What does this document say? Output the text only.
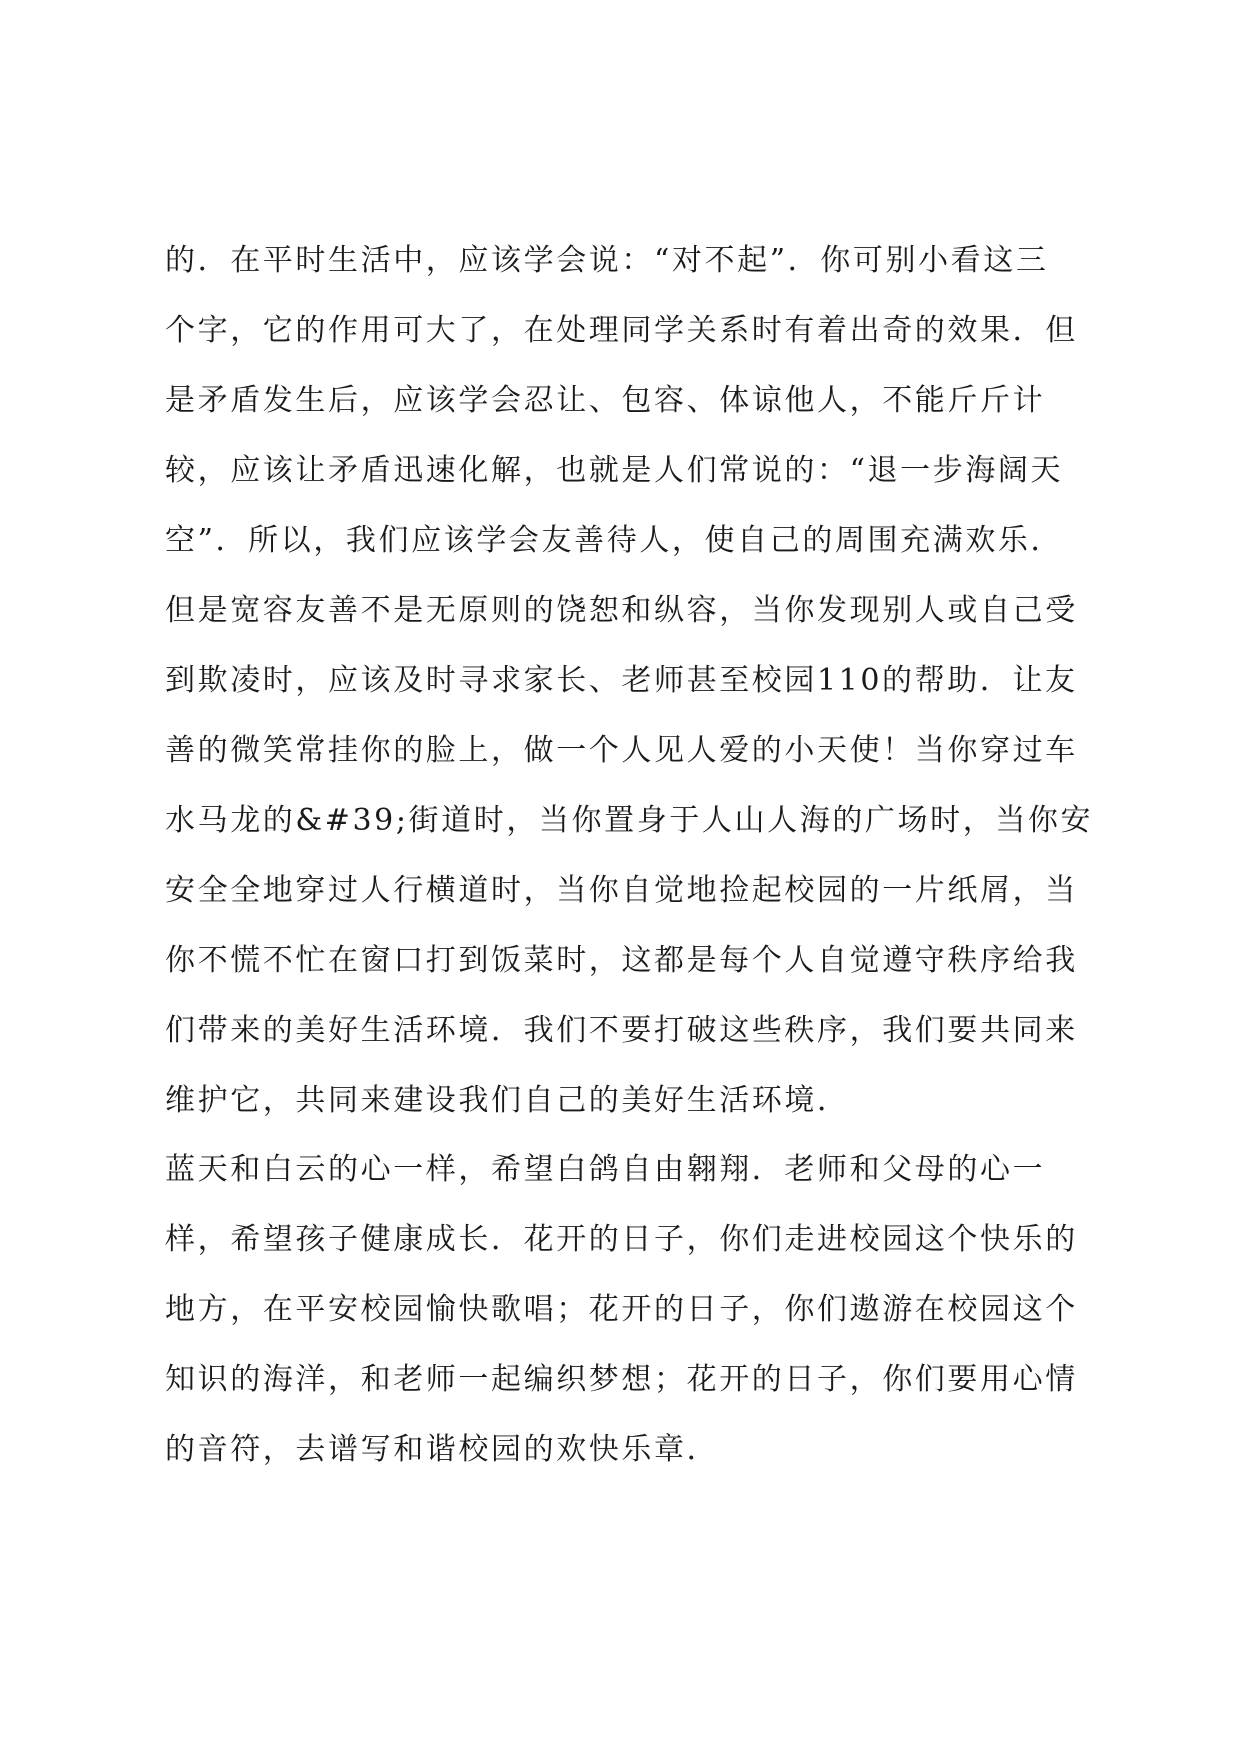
的．在平时生活中，应该学会说：“对不起”．你可别小看这三
个字，它的作用可大了，在处理同学关系时有着出奇的效果．但
是矛盾发生后，应该学会忍让、包容、体谅他人，不能斤斤计
较，应该让矛盾迅速化解，也就是人们常说的：“退一步海阔天
空”．所以，我们应该学会友善待人，使自己的周围充满欢乐．
但是宽容友善不是无原则的饶恕和纵容，当你发现别人或自己受
到欺凌时，应该及时寻求家长、老师甚至校园110的帮助．让友
善的微笑常挂你的脸上，做一个人见人爱的小天使！当你穿过车
水马龙的&#39;街道时，当你置身于人山人海的广场时，当你安
安全全地穿过人行横道时，当你自觉地捡起校园的一片纸屑，当
你不慌不忙在窗口打到饭菜时，这都是每个人自觉遵守秩序给我
们带来的美好生活环境．我们不要打破这些秩序，我们要共同来
维护它，共同来建设我们自己的美好生活环境．
蓝天和白云的心一样，希望白鸽自由翱翔．老师和父母的心一
样，希望孩子健康成长．花开的日子，你们走进校园这个快乐的
地方，在平安校园愉快歌唱；花开的日子，你们遨游在校园这个
知识的海洋，和老师一起编织梦想；花开的日子，你们要用心情
的音符，去谱写和谐校园的欢快乐章．
